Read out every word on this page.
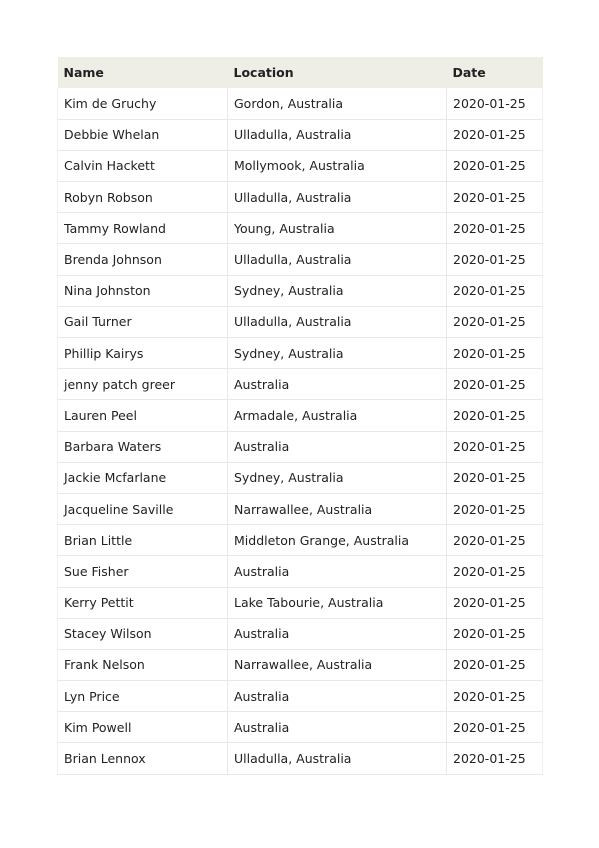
Name	Location	Date
Kim de Gruchy	Gordon, Australia	2020-01-25
Debbie Whelan	Ulladulla, Australia	2020-01-25
Calvin Hackett	Mollymook, Australia	2020-01-25
Robyn Robson	Ulladulla, Australia	2020-01-25
Tammy Rowland	Young, Australia	2020-01-25
Brenda Johnson	Ulladulla, Australia	2020-01-25
Nina Johnston	Sydney, Australia	2020-01-25
Gail Turner	Ulladulla, Australia	2020-01-25
Phillip Kairys	Sydney, Australia	2020-01-25
jenny patch greer	Australia	2020-01-25
Lauren Peel	Armadale, Australia	2020-01-25
Barbara Waters	Australia	2020-01-25
Jackie Mcfarlane	Sydney, Australia	2020-01-25
Jacqueline Saville	Narrawallee, Australia	2020-01-25
Brian Little	Middleton Grange, Australia	2020-01-25
Sue Fisher	Australia	2020-01-25
Kerry Pettit	Lake Tabourie, Australia	2020-01-25
Stacey Wilson	Australia	2020-01-25
Frank Nelson	Narrawallee, Australia	2020-01-25
Lyn Price	Australia	2020-01-25
Kim Powell	Australia	2020-01-25
Brian Lennox	Ulladulla, Australia	2020-01-25
